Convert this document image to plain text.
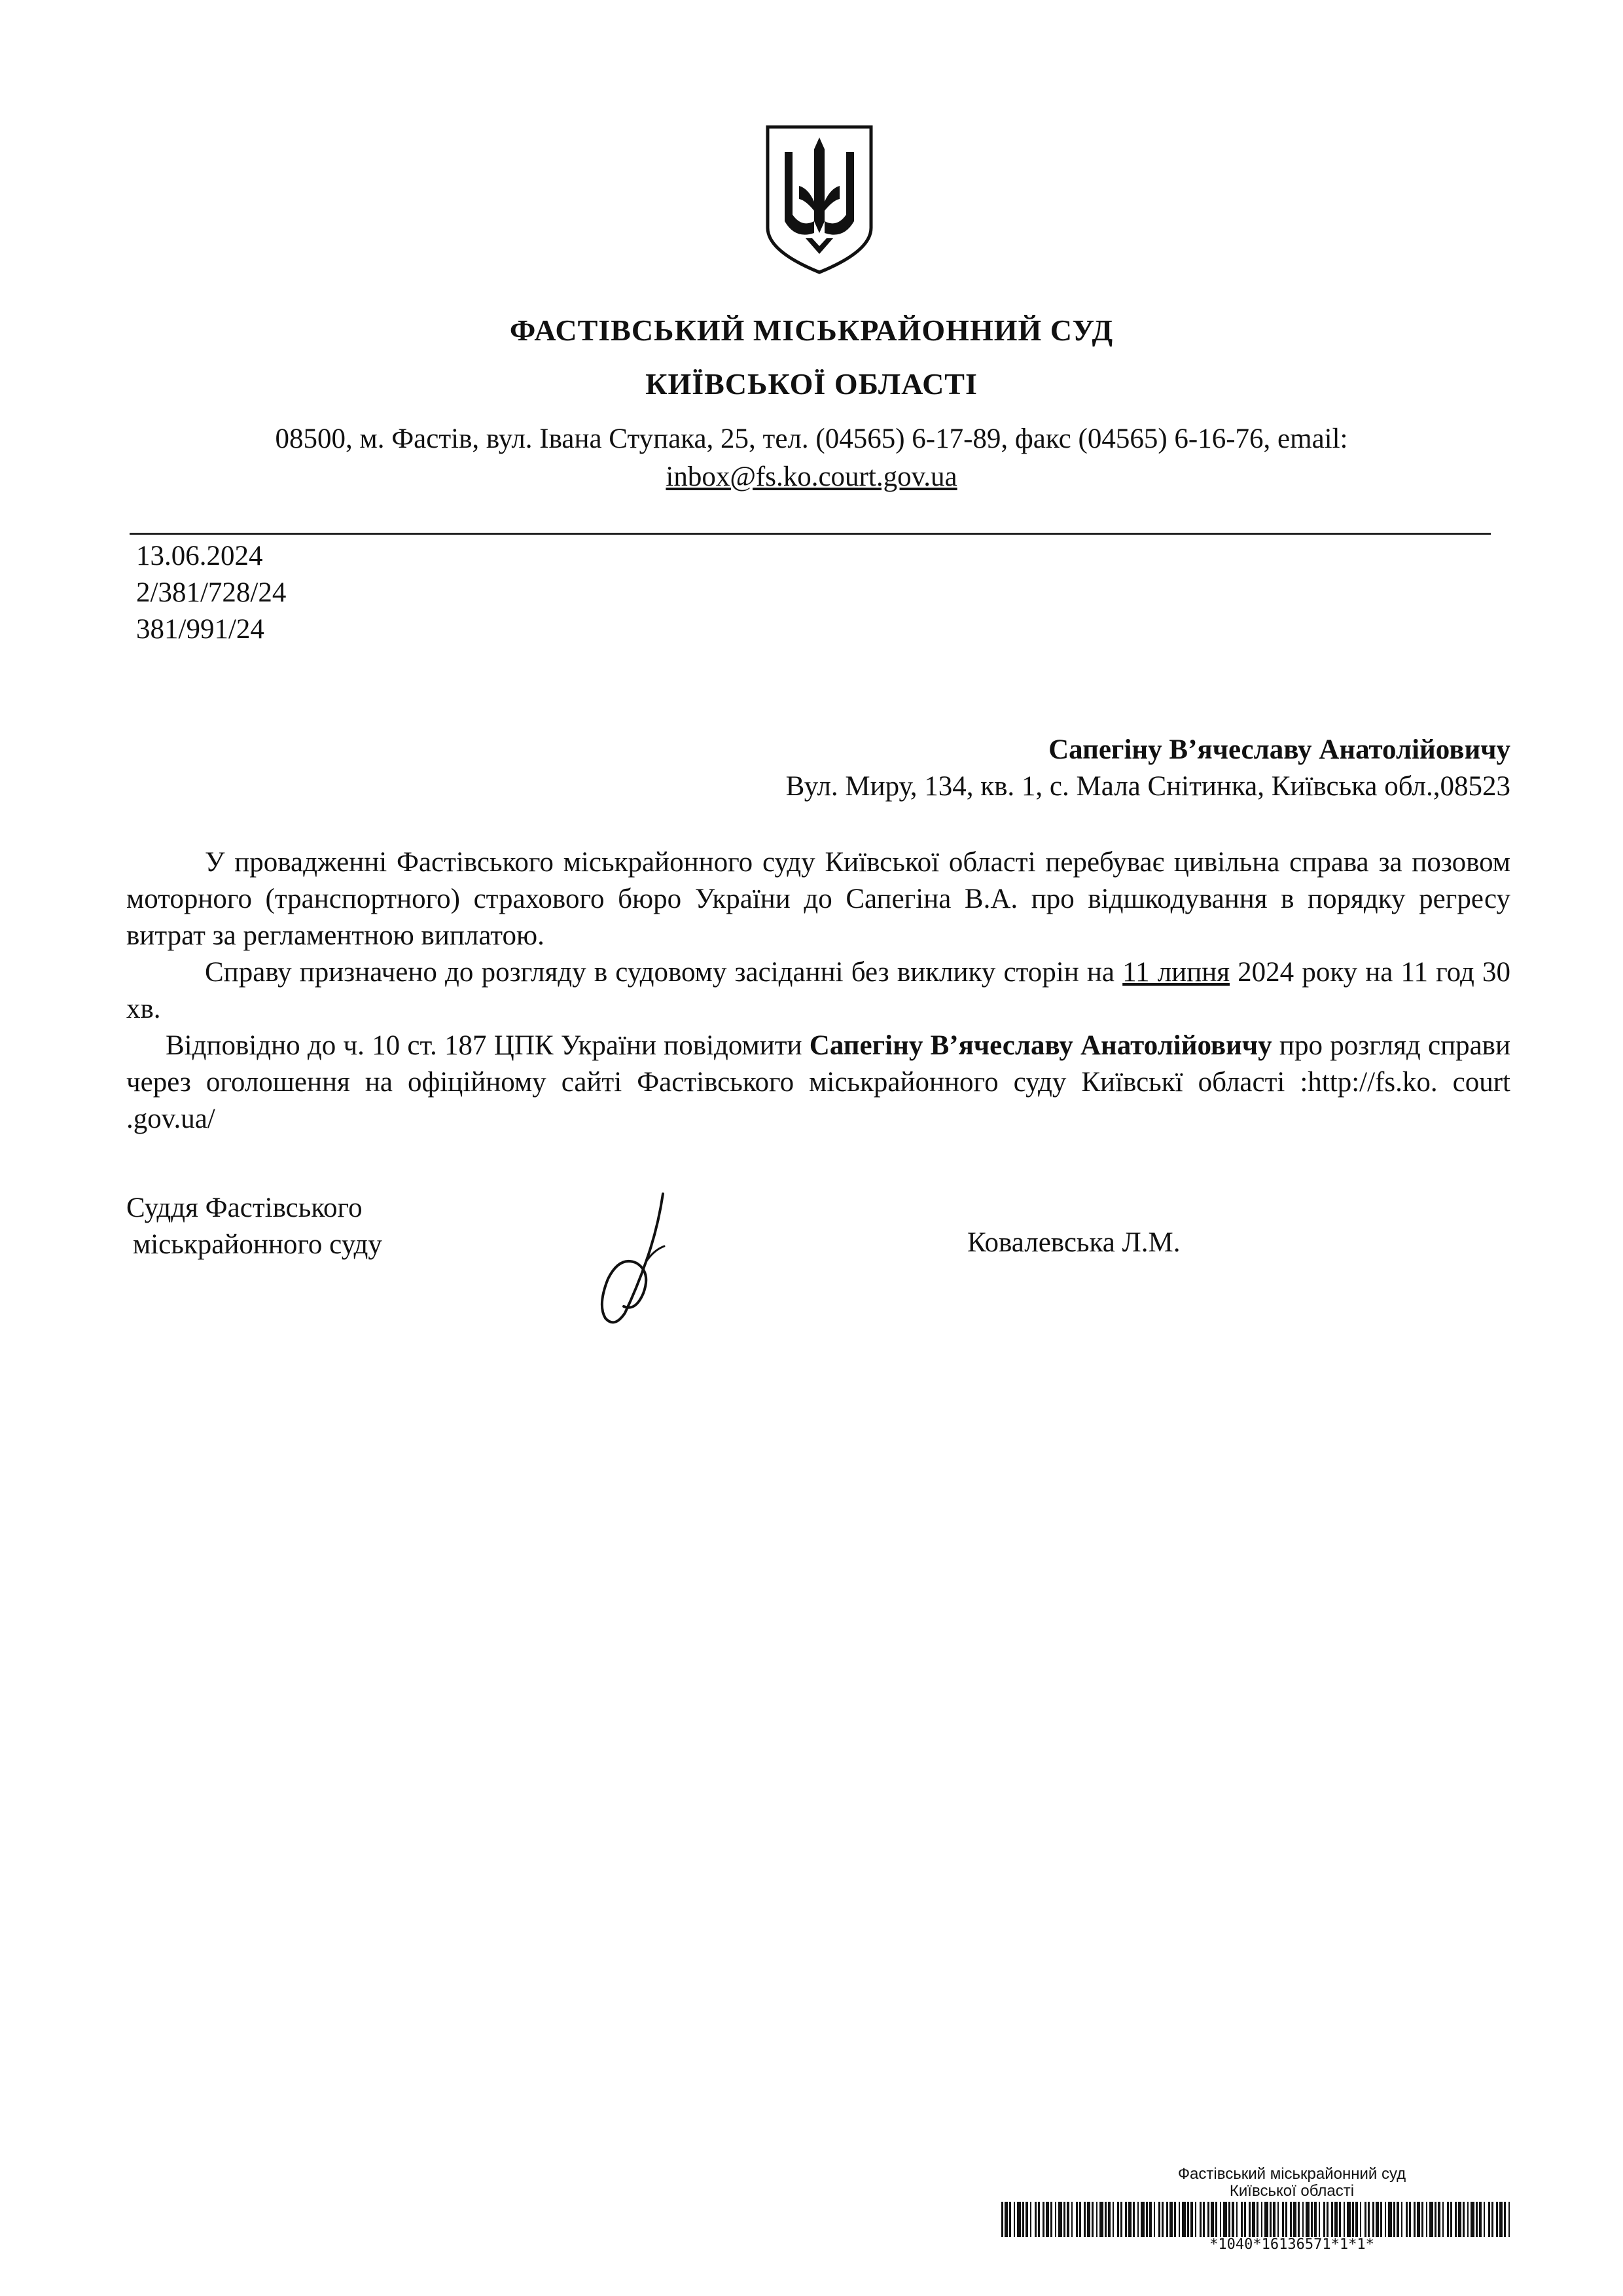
ФАСТІВСЬКИЙ МІСЬКРАЙОННИЙ СУД
КИЇВСЬКОЇ ОБЛАСТІ
08500, м. Фастів, вул. Івана Ступака, 25, тел. (04565) 6-17-89, факс (04565) 6-16-76, email:
inbox@fs.ko.court.gov.ua
13.06.2024
2/381/728/24
381/991/24
Сапегіну В’ячеславу Анатолійовичу
Вул. Миру, 134, кв. 1, с. Мала Снітинка, Київська обл.,08523

У провадженні Фастівського міськрайонного суду Київської області перебуває цивільна справа за позовом моторного (транспортного) страхового бюро України до Сапегіна В.А. про відшкодування в порядку регресу витрат за регламентною виплатою.

Справу призначено до розгляду в судовому засіданні без виклику сторін на 11 липня 2024 року на 11 год 30 хв.

Відповідно до ч. 10 ст. 187 ЦПК України повідомити Сапегіну В’ячеславу Анатолійовичу про розгляд справи через оголошення на офіційному сайті Фастівського міськрайонного суду Київськї області :http://fs.ko. court .gov.ua/

Суддя Фастівського
міськрайонного суду	Ковалевська Л.М.
Фастівський міськрайонний суд
Київської області
*1040*16136571*1*1*
